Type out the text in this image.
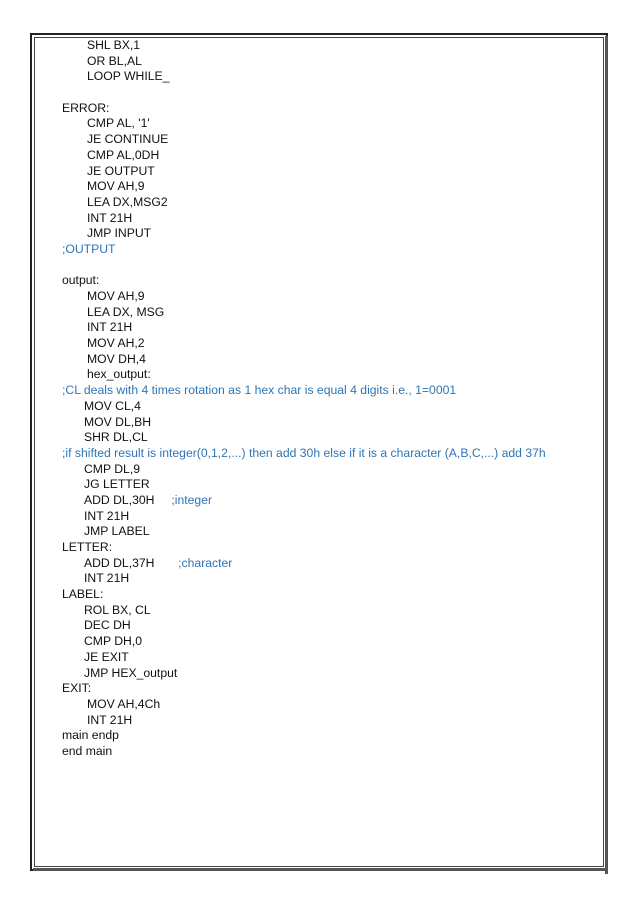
SHL BX,1
OR BL,AL
LOOP WHILE_
ERROR:
CMP AL, '1'
JE CONTINUE
CMP AL,0DH
JE OUTPUT
MOV AH,9
LEA DX,MSG2
INT 21H
JMP INPUT
;OUTPUT
output:
MOV AH,9
LEA DX, MSG
INT 21H
MOV AH,2
MOV DH,4
hex_output:
;CL deals with 4 times rotation as 1 hex char is equal 4 digits i.e., 1=0001
MOV CL,4
MOV DL,BH
SHR DL,CL
;if shifted result is integer(0,1,2,...) then add 30h else if it is a character (A,B,C,...) add 37h
CMP DL,9
JG LETTER
ADD DL,30H ;integer
INT 21H
JMP LABEL
LETTER:
ADD DL,37H ;character
INT 21H
LABEL:
ROL BX, CL
DEC DH
CMP DH,0
JE EXIT
JMP HEX_output
EXIT:
MOV AH,4Ch
INT 21H
main endp
end main
